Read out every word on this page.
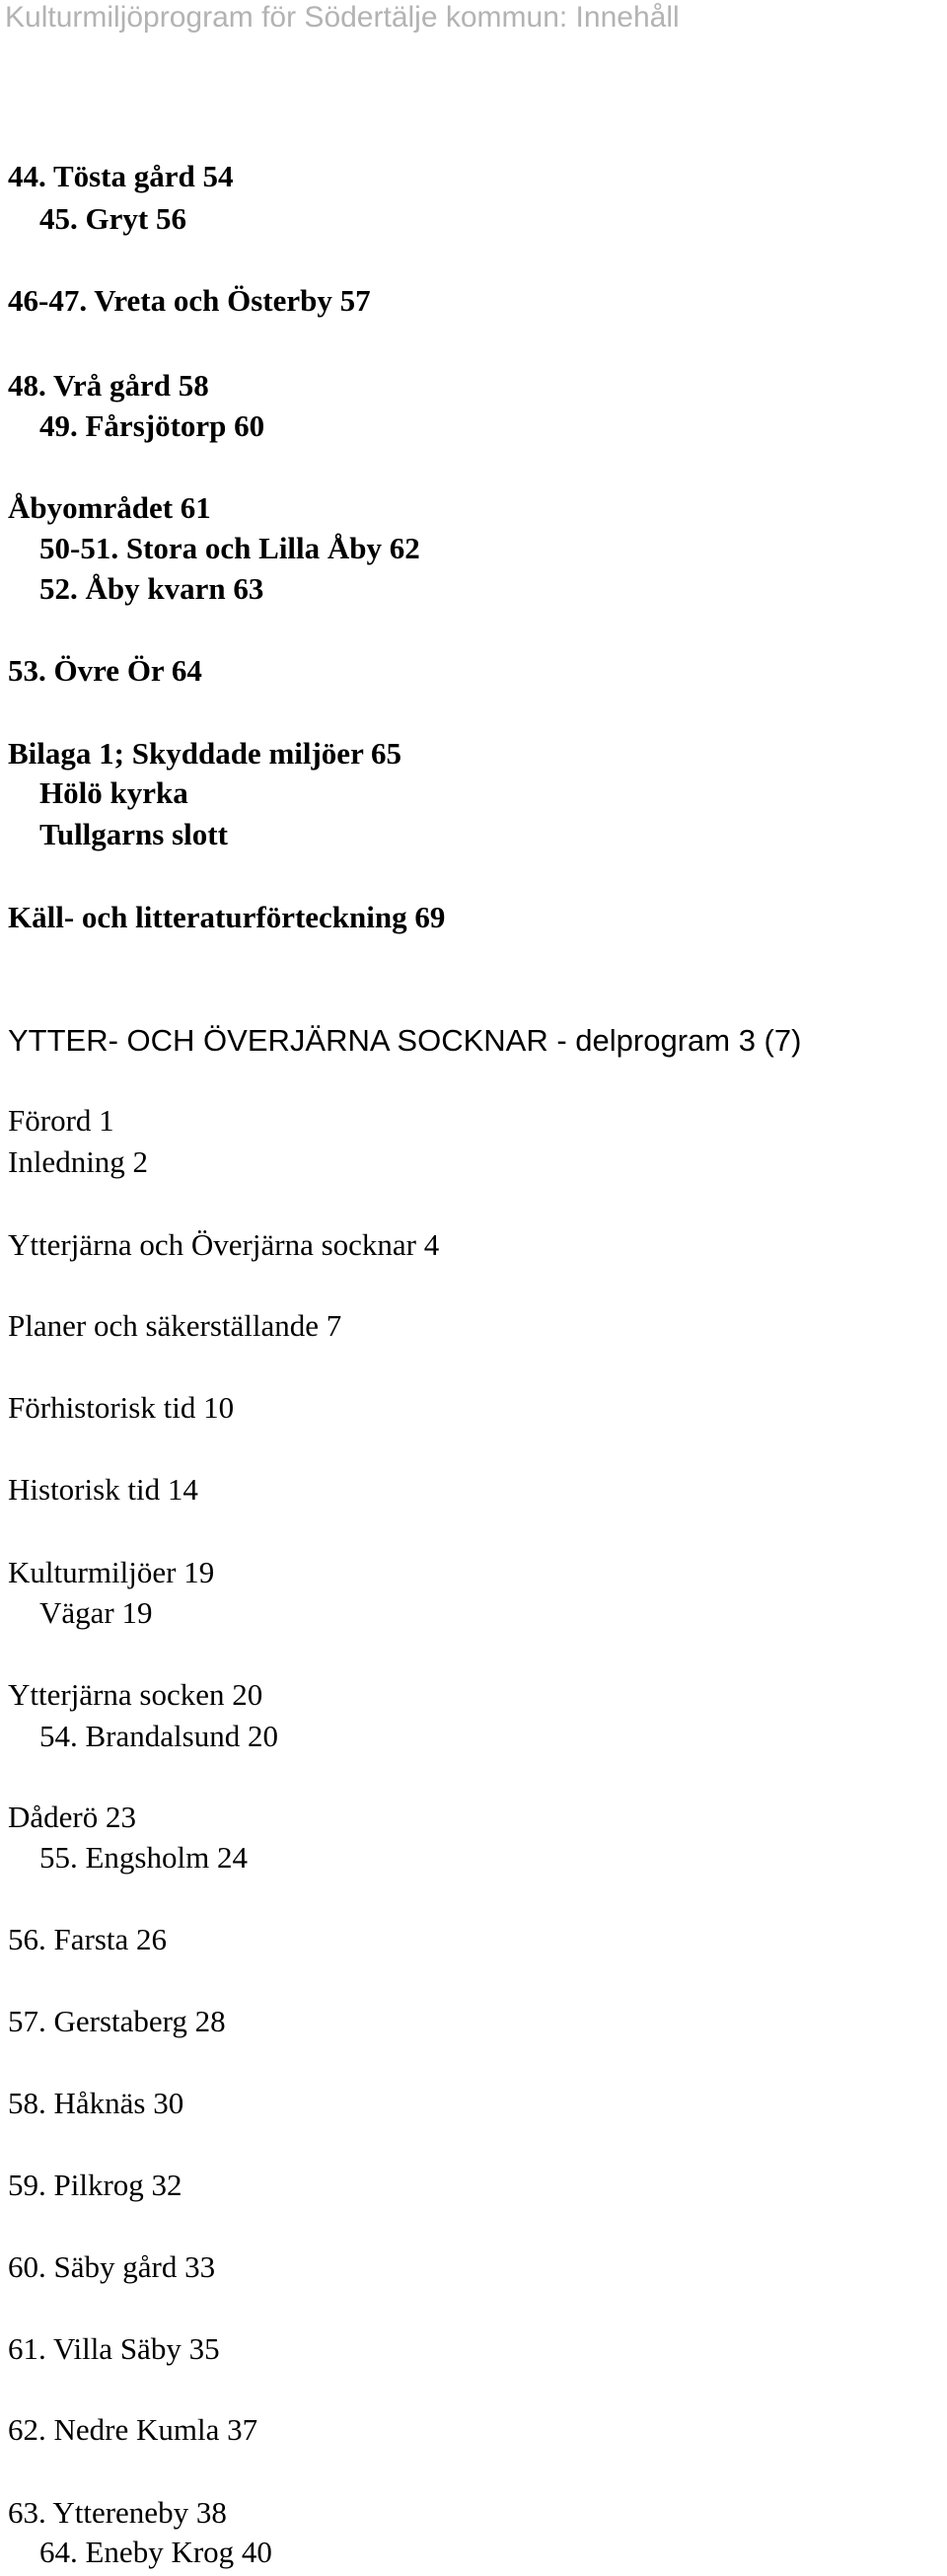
Kulturmiljöprogram för Södertälje kommun: Innehåll
44. Tösta gård 54
45. Gryt 56
46-47. Vreta och Österby 57
48. Vrå gård 58
49. Fårsjötorp 60
Åbyområdet 61
50-51. Stora och Lilla Åby 62
52. Åby kvarn 63
53. Övre Ör 64
Bilaga 1; Skyddade miljöer 65
Hölö kyrka
Tullgarns slott
Käll- och litteraturförteckning 69
YTTER- OCH ÖVERJÄRNA SOCKNAR - delprogram 3 (7)
Förord 1
Inledning 2
Ytterjärna och Överjärna socknar 4
Planer och säkerställande 7
Förhistorisk tid 10
Historisk tid 14
Kulturmiljöer 19
Vägar 19
Ytterjärna socken 20
54. Brandalsund 20
Dåderö 23
55. Engsholm 24
56. Farsta 26
57. Gerstaberg 28
58. Håknäs 30
59. Pilkrog 32
60. Säby gård 33
61. Villa Säby 35
62. Nedre Kumla 37
63. Yttereneby 38
64. Eneby Krog 40
